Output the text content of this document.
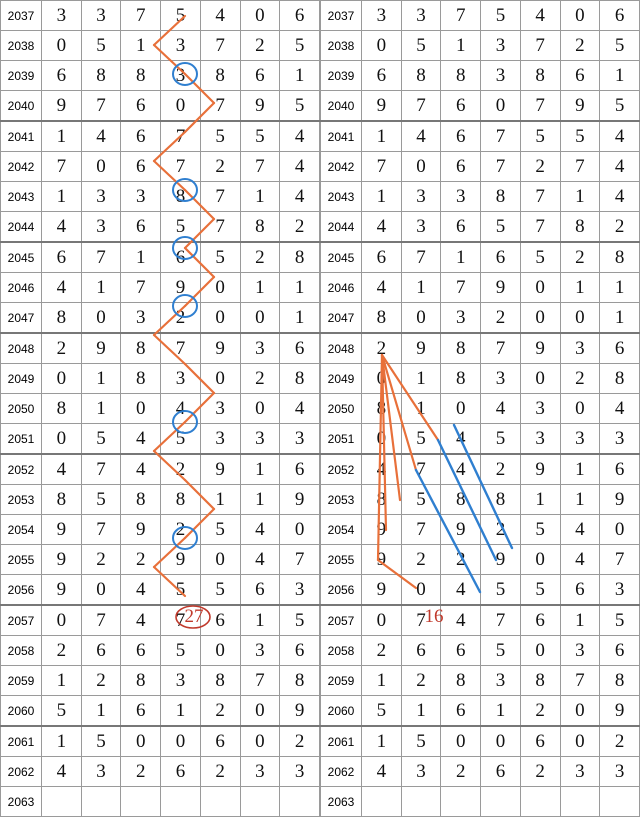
2037	3	3	7	5	4	0	6
2038	0	5	1	3	7	2	5
2039	6	8	8	3	8	6	1
2040	9	7	6	0	7	9	5
2041	1	4	6	7	5	5	4
2042	7	0	6	7	2	7	4
2043	1	3	3	8	7	1	4
2044	4	3	6	5	7	8	2
2045	6	7	1	6	5	2	8
2046	4	1	7	9	0	1	1
2047	8	0	3	2	0	0	1
2048	2	9	8	7	9	3	6
2049	0	1	8	3	0	2	8
2050	8	1	0	4	3	0	4
2051	0	5	4	5	3	3	3
2052	4	7	4	2	9	1	6
2053	8	5	8	8	1	1	9
2054	9	7	9	2	5	4	0
2055	9	2	2	9	0	4	7
2056	9	0	4	5	5	6	3
2057	0	7	4	7	6	1	5
2058	2	6	6	5	0	3	6
2059	1	2	8	3	8	7	8
2060	5	1	6	1	2	0	9
2061	1	5	0	0	6	0	2
2062	4	3	2	6	2	3	3
2063							
27
2037	3	3	7	5	4	0	6
2038	0	5	1	3	7	2	5
2039	6	8	8	3	8	6	1
2040	9	7	6	0	7	9	5
2041	1	4	6	7	5	5	4
2042	7	0	6	7	2	7	4
2043	1	3	3	8	7	1	4
2044	4	3	6	5	7	8	2
2045	6	7	1	6	5	2	8
2046	4	1	7	9	0	1	1
2047	8	0	3	2	0	0	1
2048	2	9	8	7	9	3	6
2049	0	1	8	3	0	2	8
2050	8	1	0	4	3	0	4
2051	0	5	4	5	3	3	3
2052	4	7	4	2	9	1	6
2053	8	5	8	8	1	1	9
2054	9	7	9	2	5	4	0
2055	9	2	2	9	0	4	7
2056	9	0	4	5	5	6	3
2057	0	7	4	7	6	1	5
2058	2	6	6	5	0	3	6
2059	1	2	8	3	8	7	8
2060	5	1	6	1	2	0	9
2061	1	5	0	0	6	0	2
2062	4	3	2	6	2	3	3
2063							
16
